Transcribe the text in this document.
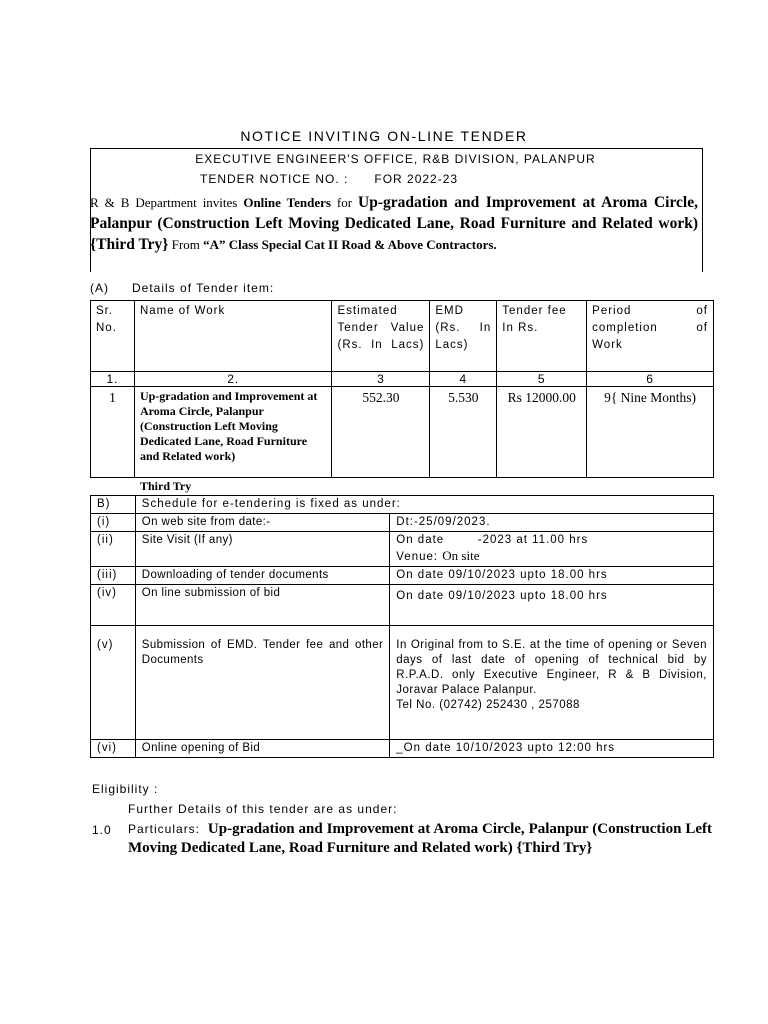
NOTICE INVITING ON-LINE TENDER
EXECUTIVE ENGINEER'S OFFICE, R&B DIVISION, PALANPUR
TENDER NOTICE NO. : FOR 2022-23
R & B Department invites Online Tenders for Up-gradation and Improvement at Aroma Circle, Palanpur (Construction Left Moving Dedicated Lane, Road Furniture and Related work) {Third Try} From “A” Class Special Cat II Road & Above Contractors.
(A) Details of Tender item:
Sr. No.	Name of Work	Estimated Tender Value (Rs. In Lacs)	EMD (Rs. In Lacs)	Tender fee In Rs.	Period of completion of Work
1.	2.	3	4	5	6
1	Up-gradation and Improvement at Aroma Circle, Palanpur (Construction Left Moving Dedicated Lane, Road Furniture and Related work)	552.30	5.530	Rs 12000.00	9{ Nine Months)
Third Try
B)	Schedule for e-tendering is fixed as under:	
(i)	On web site from date:-	Dt:-25/09/2023.
(ii)	Site Visit (If any)	On date        -2023 at 11.00 hrs
Venue: On site

(iii)	Downloading of tender documents	On date 09/10/2023 upto 18.00 hrs
(iv)	On line submission of bid	On date 09/10/2023 upto 18.00 hrs
(v)	Submission of EMD. Tender fee and other Documents	In Original from to S.E. at the time of opening or Seven days of last date of opening of technical bid by R.P.A.D. only Executive Engineer, R & B Division, Joravar Palace Palanpur.
Tel No. (02742) 252430 , 257088

(vi)	Online opening of Bid	_On date 10/10/2023 upto 12:00 hrs
Eligibility :
Further Details of this tender are as under:
1.0 Particulars: Up-gradation and Improvement at Aroma Circle, Palanpur (Construction Left Moving Dedicated Lane, Road Furniture and Related work) {Third Try}
